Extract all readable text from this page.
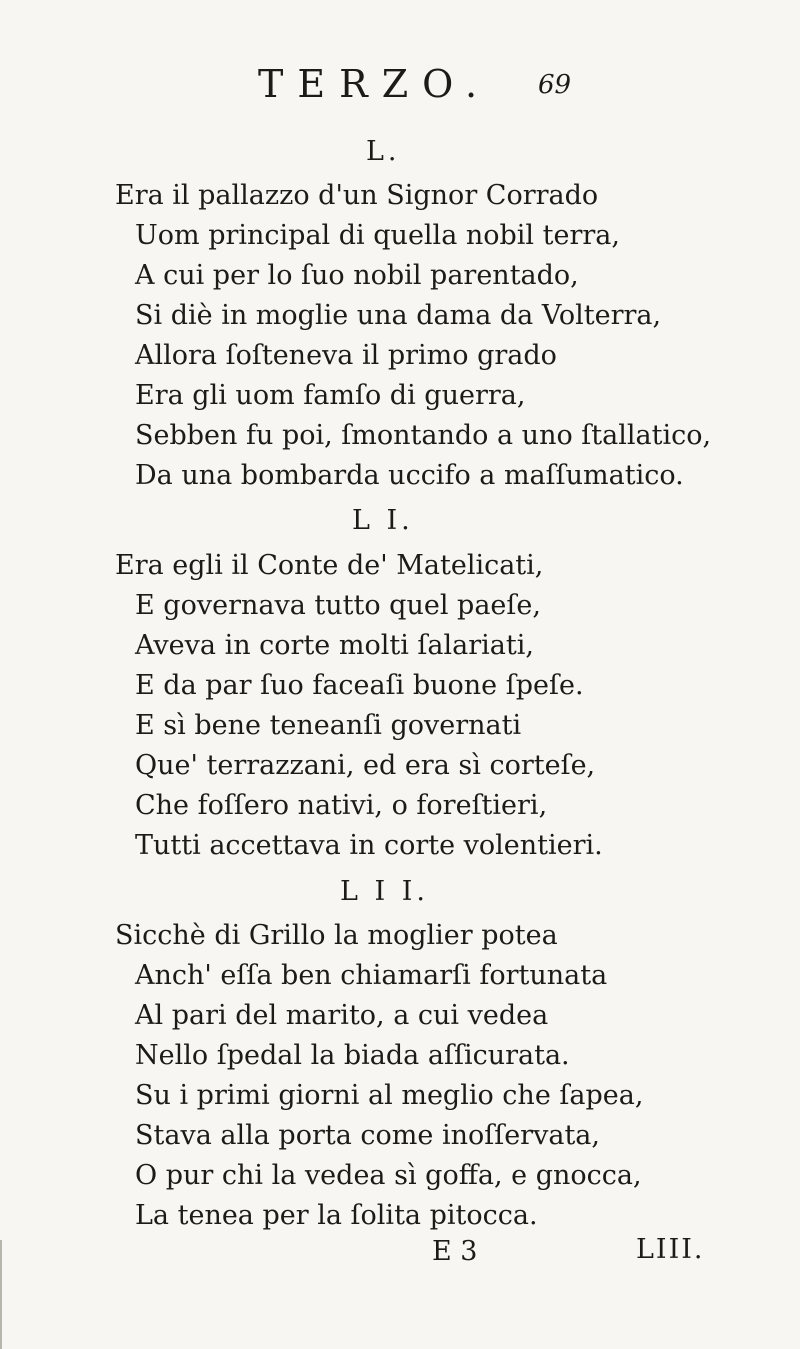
TERZO. 69
L.
Era il pallazzo d'un Signor Corrado
Uom principal di quella nobil terra,
A cui per lo ſuo nobil parentado,
Si diè in moglie una dama da Volterra,
Allora ſoſteneva il primo grado
Era gli uom famſo di guerra,
Sebben fu poi, ſmontando a uno ſtallatico,
Da una bombarda uccifo a maſſumatico.
L I.
Era egli il Conte de' Matelicati,
E governava tutto quel paeſe,
Aveva in corte molti ſalariati,
E da par ſuo faceaſi buone ſpeſe.
E sì bene teneanſi governati
Que' terrazzani, ed era sì corteſe,
Che foſſero nativi, o foreſtieri,
Tutti accettava in corte volentieri.
L I I.
Sicchè di Grillo la moglier potea
Anch' eſſa ben chiamarſi fortunata
Al pari del marito, a cui vedea
Nello ſpedal la biada aſſicurata.
Su i primi giorni al meglio che ſapea,
Stava alla porta come inoſſervata,
O pur chi la vedea sì goffa, e gnocca,
La tenea per la ſolita pitocca.
E 3	LIII.
